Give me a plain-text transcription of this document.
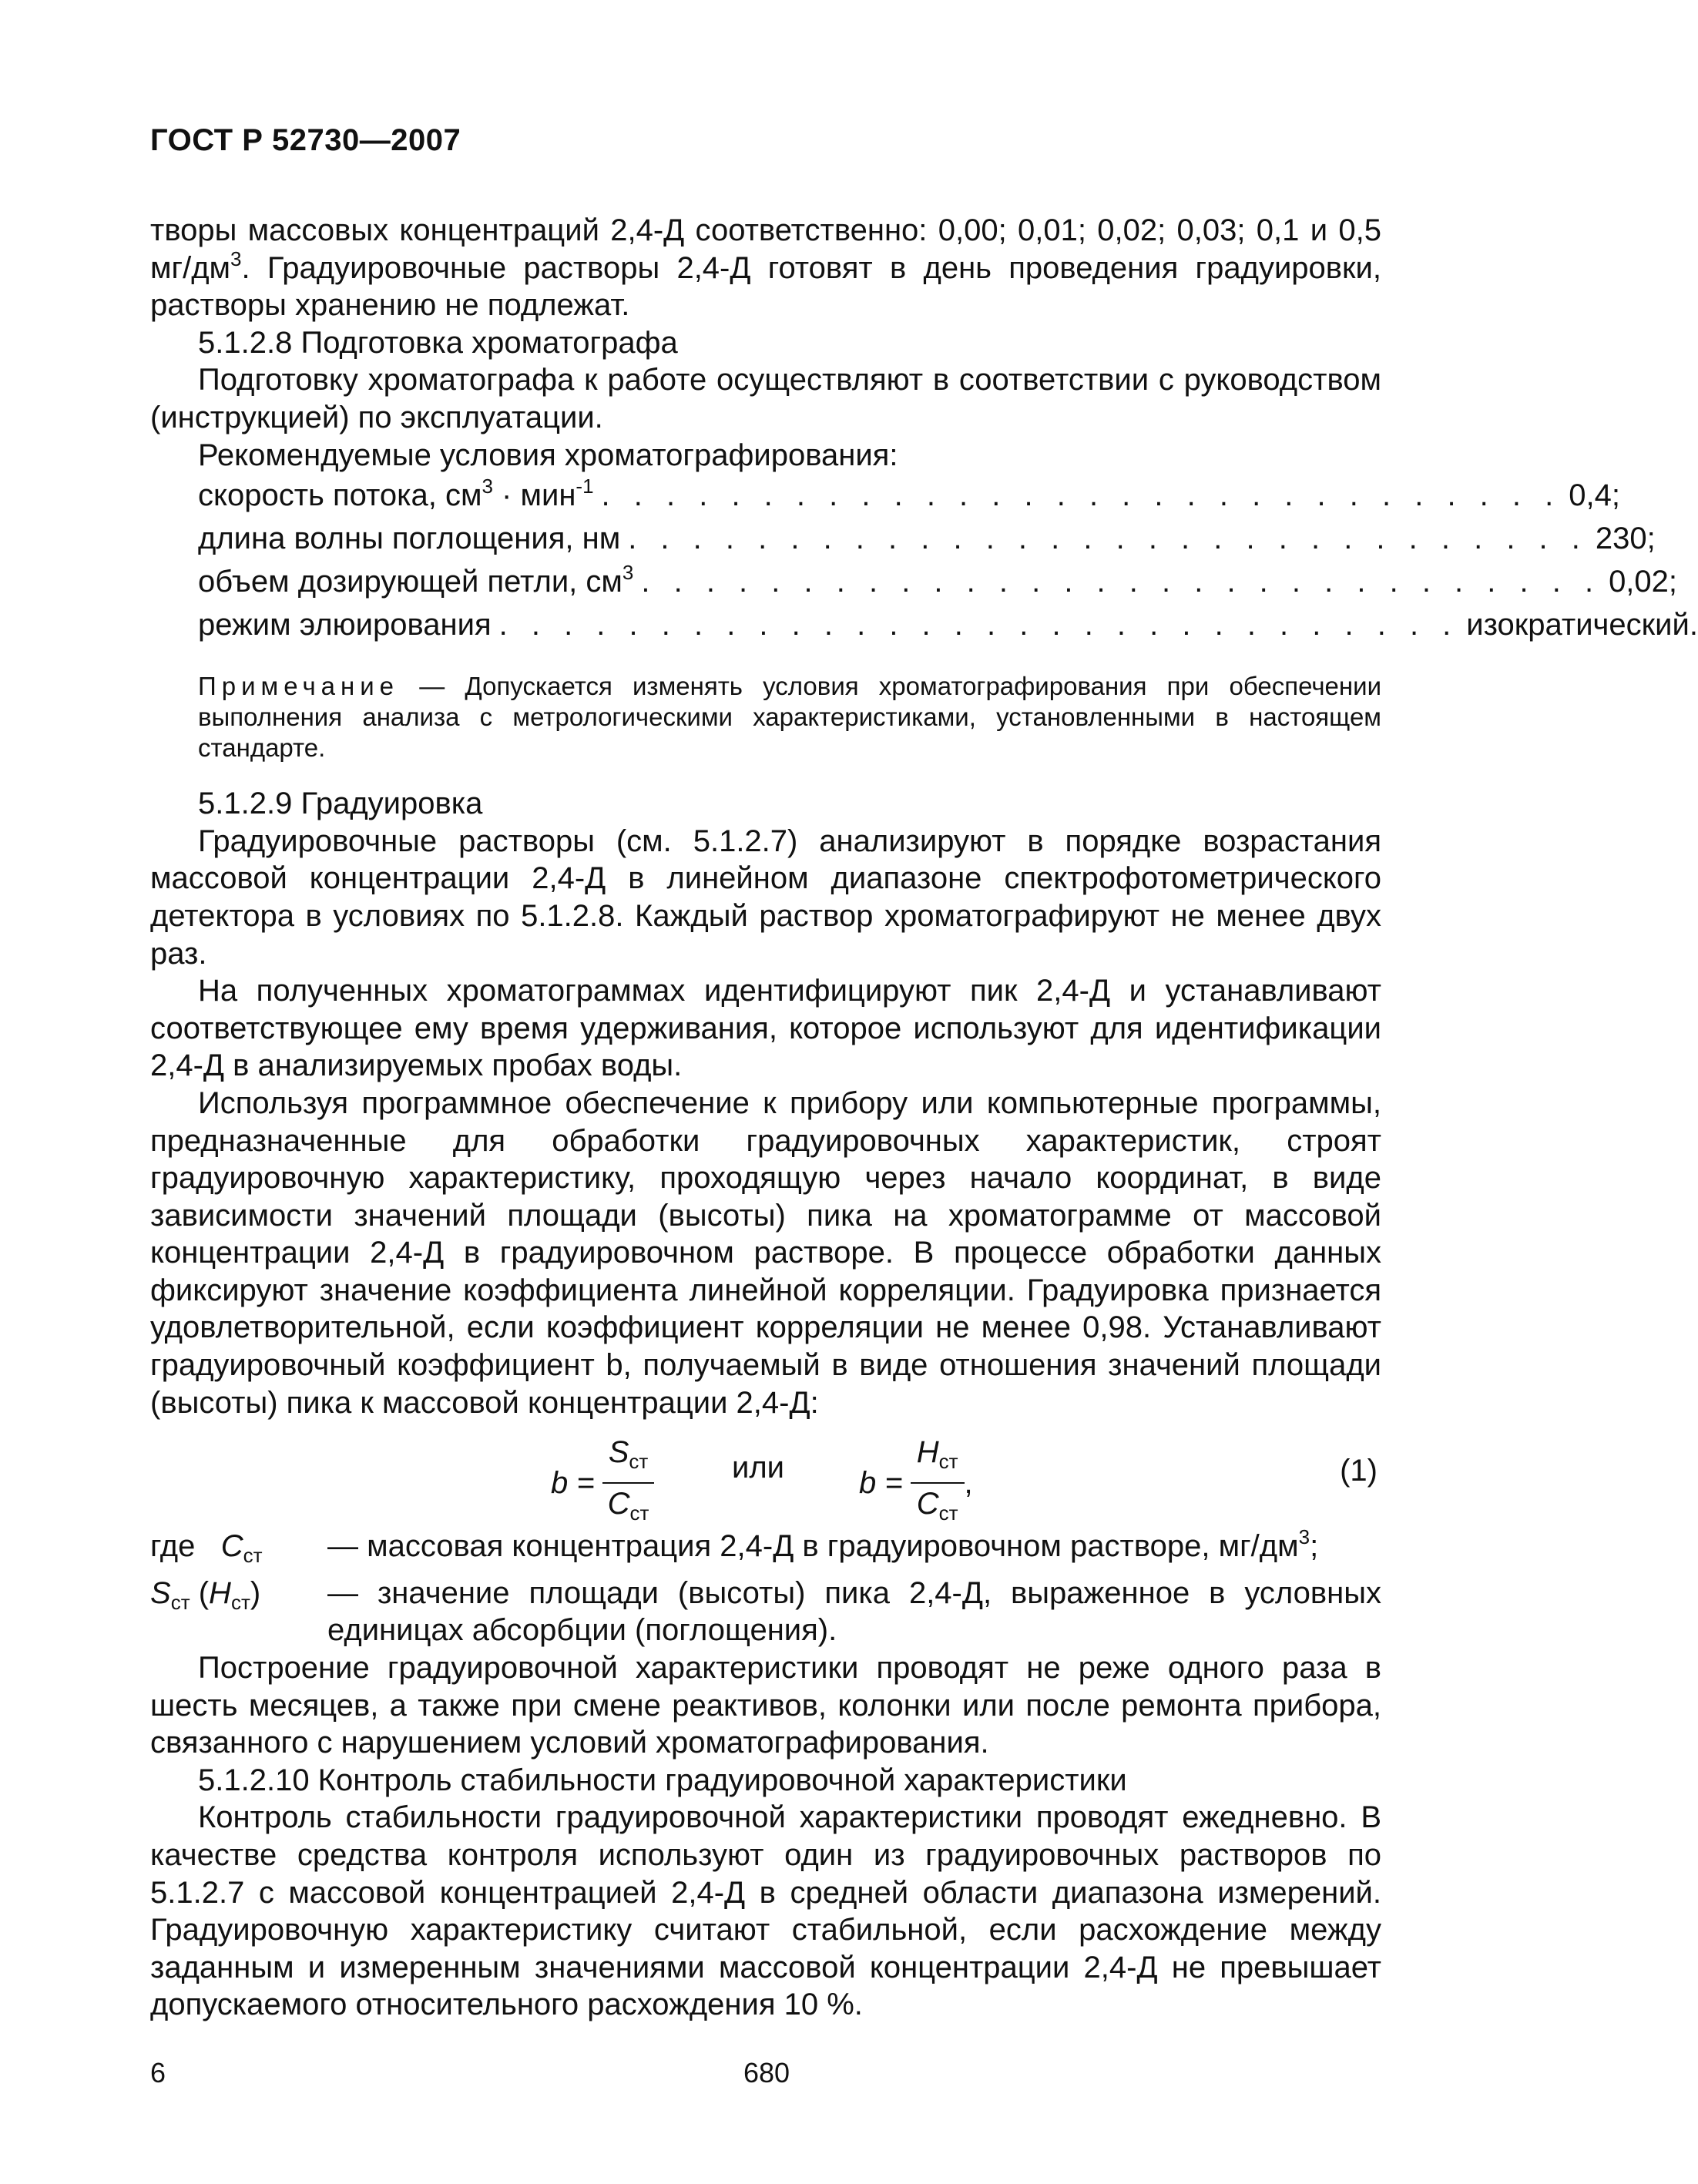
ГОСТ Р 52730—2007

творы массовых концентраций 2,4-Д соответственно: 0,00; 0,01; 0,02; 0,03; 0,1 и 0,5 $мг/дм^3$. Градуировочные растворы 2,4-Д готовят в день проведения градуировки, растворы хранению не подлежат.

5.1.2.8 Подготовка хроматографа

Подготовку хроматографа к работе осуществляют в соответствии с руководством (инструкцией) по эксплуатации.

Рекомендуемые условия хроматографирования:
скорость потока, $см^3 \cdot мин^{-1}$ . . . . . . . . . . . . . . . . . . . . . . . . . . . . . . 0,4;
длина волны поглощения, нм . . . . . . . . . . . . . . . . . . . . . . . . . . . . . . 230;
объем дозирующей петли, $см^3$ . . . . . . . . . . . . . . . . . . . . . . . . . . . . . . 0,02;
режим элюирования . . . . . . . . . . . . . . . . . . . . . . . . . . . . . . изократический.
Примечание — Допускается изменять условия хроматографирования при обеспечении выполнения анализа с метрологическими характеристиками, установленными в настоящем стандарте.
5.1.2.9 Градуировка

Градуировочные растворы (см. 5.1.2.7) анализируют в порядке возрастания массовой концентрации 2,4-Д в линейном диапазоне спектрофотометрического детектора в условиях по 5.1.2.8. Каждый раствор хроматографируют не менее двух раз.

На полученных хроматограммах идентифицируют пик 2,4-Д и устанавливают соответствующее ему время удерживания, которое используют для идентификации 2,4-Д в анализируемых пробах воды.

Используя программное обеспечение к прибору или компьютерные программы, предназначенные для обработки градуировочных характеристик, строят градуировочную характеристику, проходящую через начало координат, в виде зависимости значений площади (высоты) пика на хроматограмме от массовой концентрации 2,4-Д в градуировочном растворе. В процессе обработки данных фиксируют значение коэффициента линейной корреляции. Градуировка признается удовлетворительной, если коэффициент корреляции не менее 0,98. Устанавливают градуировочный коэффициент b, получаемый в виде отношения значений площади (высоты) пика к массовой концентрации 2,4-Д:

$b = \frac{S_{ст}}{C_{ст}}$	или $b = \frac{H_{ст}}{C_{ст}}$ ,	(1)
где $C_{ст}$	— массовая концентрация 2,4-Д в градуировочном растворе, $мг/дм^3$;
$S_{ст}$ $(H_{ст})$	— значение площади (высоты) пика 2,4-Д, выраженное в условных единицах абсорбции (поглощения).

Построение градуировочной характеристики проводят не реже одного раза в шесть месяцев, а также при смене реактивов, колонки или после ремонта прибора, связанного с нарушением условий хроматографирования.

5.1.2.10 Контроль стабильности градуировочной характеристики

Контроль стабильности градуировочной характеристики проводят ежедневно. В качестве средства контроля используют один из градуировочных растворов по 5.1.2.7 с массовой концентрацией 2,4-Д в средней области диапазона измерений. Градуировочную характеристику считают стабильной, если расхождение между заданным и измеренным значениями массовой концентрации 2,4-Д не превышает допускаемого относительного расхождения 10 %.

6	680
